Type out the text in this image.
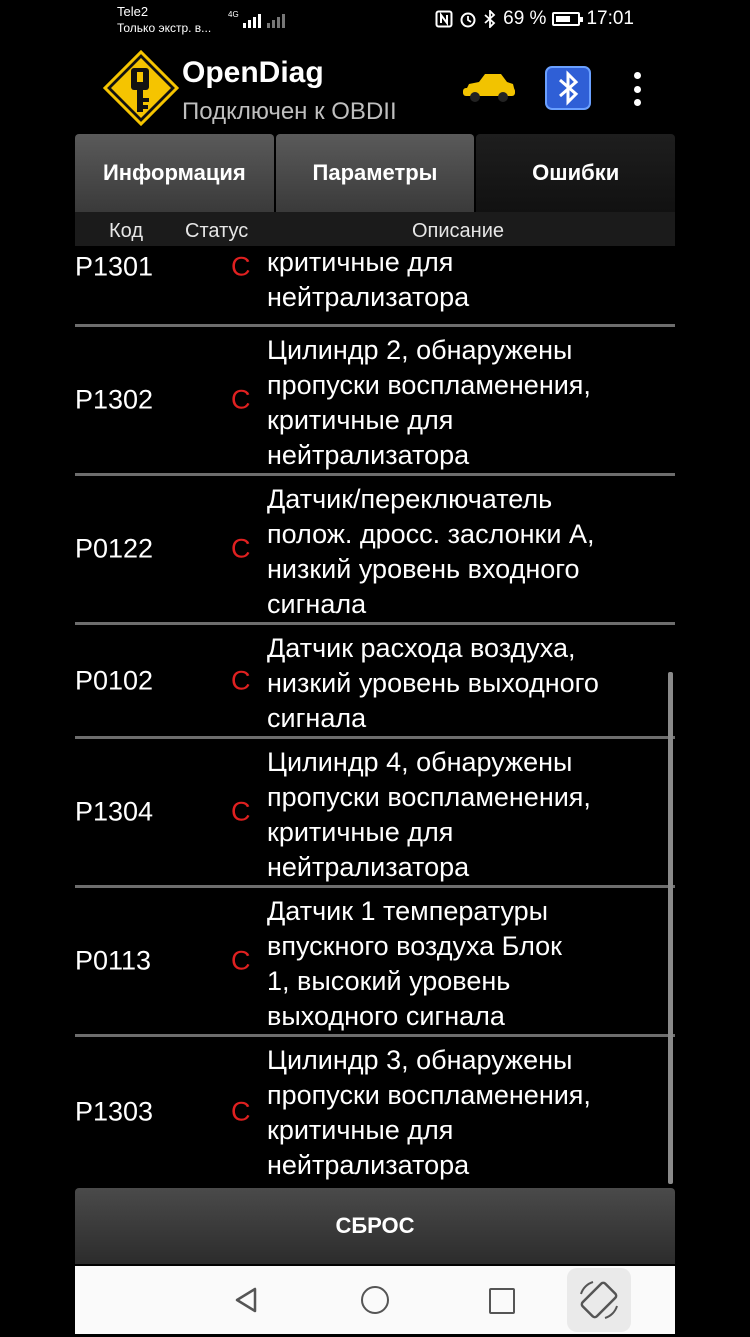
Tele2
Только экстр. в...
4G	69 % 17:01
OpenDiag
Подключен к OBDII
Информация	Параметры	Ошибки
Код Статус	Описание
P1301	C критичные для
нейтрализатора
P1302	C
Цилиндр 2, обнаружены
пропуски воспламенения,
критичные для
нейтрализатора
P0122	C
Датчик/переключатель
полож. дросс. заслонки A,
низкий уровень входного
сигнала
P0102	C
Датчик расхода воздуха,
низкий уровень выходного
сигнала
P1304	C
Цилиндр 4, обнаружены
пропуски воспламенения,
критичные для
нейтрализатора
P0113	C
Датчик 1 температуры
впускного воздуха Блок
1, высокий уровень
выходного сигнала
P1303	C
Цилиндр 3, обнаружены
пропуски воспламенения,
критичные для
нейтрализатора
СБРОС
